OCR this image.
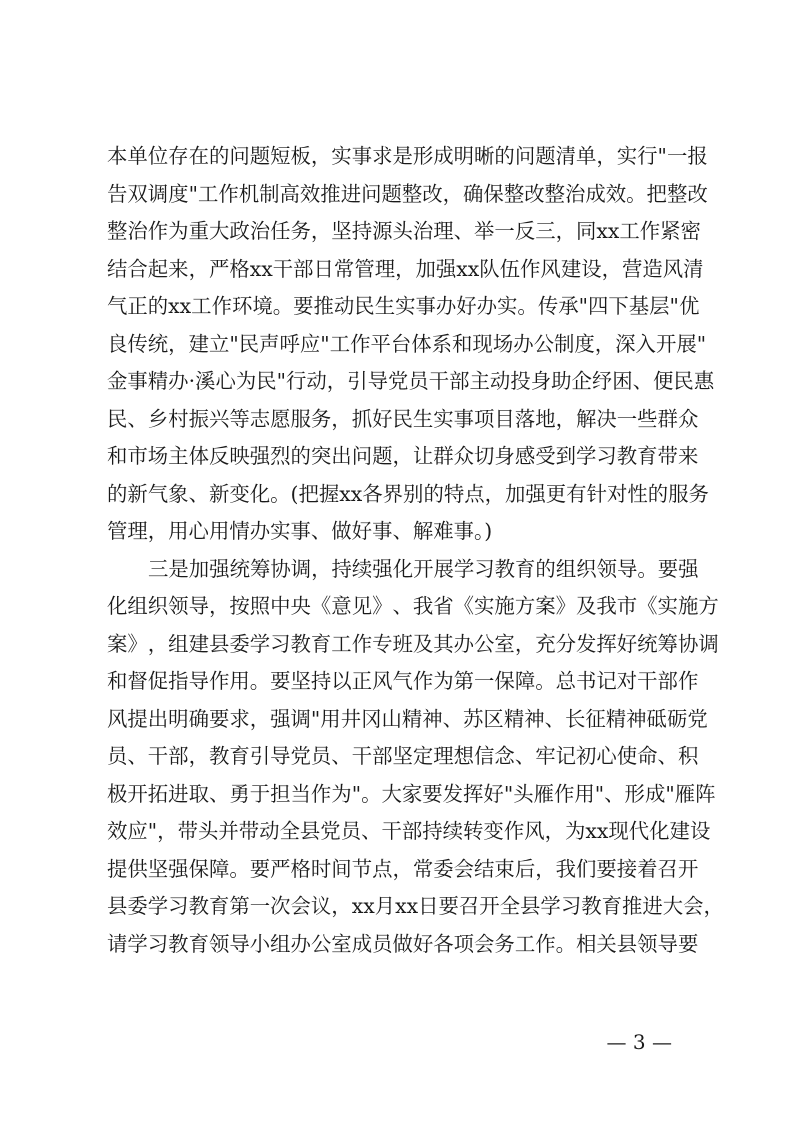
本 单 位 存 在 的 问 题 短 板 ， 实 事 求 是 形 成 明 晰 的 问 题 清 单 ， 实 行 " 一 报
告 双 调 度 " 工 作 机 制 高 效 推 进 问 题 整 改 ， 确 保 整 改 整 治 成 效 。 把 整 改
整 治 作 为 重 大 政 治 任 务 ， 坚 持 源 头 治 理 、 举 一 反 三 ， 同 x x 工 作 紧 密
结 合 起 来 ， 严 格 x x 干 部 日 常 管 理 ， 加 强 x x 队 伍 作 风 建 设 ， 营 造 风 清
气 正 的 x x 工 作 环 境 。 要 推 动 民 生 实 事 办 好 办 实 。 传 承 " 四 下 基 层 " 优
良 传 统 ， 建 立 " 民 声 呼 应 " 工 作 平 台 体 系 和 现 场 办 公 制 度 ， 深 入 开 展 "
金 事 精 办 · 溪 心 为 民 " 行 动 ， 引 导 党 员 干 部 主 动 投 身 助 企 纾 困 、 便 民 惠
民 、 乡 村 振 兴 等 志 愿 服 务 ， 抓 好 民 生 实 事 项 目 落 地 ， 解 决 一 些 群 众
和 市 场 主 体 反 映 强 烈 的 突 出 问 题 ， 让 群 众 切 身 感 受 到 学 习 教 育 带 来
的 新 气 象 、 新 变 化 。 ( 把 握 x x 各 界 别 的 特 点 ， 加 强 更 有 针 对 性 的 服 务
管理，用心用情办实事、做好事、解难事。)
三 是 加 强 统 筹 协 调 ， 持 续 强 化 开 展 学 习 教 育 的 组 织 领 导 。 要 强
化 组 织 领 导 ， 按 照 中 央 《 意 见 》 、 我 省 《 实 施 方 案 》 及 我 市 《 实 施 方
案 》 ， 组 建 县 委 学 习 教 育 工 作 专 班 及 其 办 公 室 ， 充 分 发 挥 好 统 筹 协 调
和 督 促 指 导 作 用 。 要 坚 持 以 正 风 气 作 为 第 一 保 障 。 总 书 记 对 干 部 作
风 提 出 明 确 要 求 ， 强 调 " 用 井 冈 山 精 神 、 苏 区 精 神 、 长 征 精 神 砥 砺 党
员 、 干 部 ， 教 育 引 导 党 员 、 干 部 坚 定 理 想 信 念 、 牢 记 初 心 使 命 、 积
极 开 拓 进 取 、 勇 于 担 当 作 为 " 。 大 家 要 发 挥 好 " 头 雁 作 用 " 、 形 成 " 雁 阵
效 应 " ， 带 头 并 带 动 全 县 党 员 、 干 部 持 续 转 变 作 风 ， 为 x x 现 代 化 建 设
提 供 坚 强 保 障 。 要 严 格 时 间 节 点 ， 常 委 会 结 束 后 ， 我 们 要 接 着 召 开
县 委 学 习 教 育 第 一 次 会 议 ， x x 月 x x 日 要 召 开 全 县 学 习 教 育 推 进 大 会 ，
请 学 习 教 育 领 导 小 组 办 公 室 成 员 做 好 各 项 会 务 工 作 。 相 关 县 领 导 要
— 3 —
